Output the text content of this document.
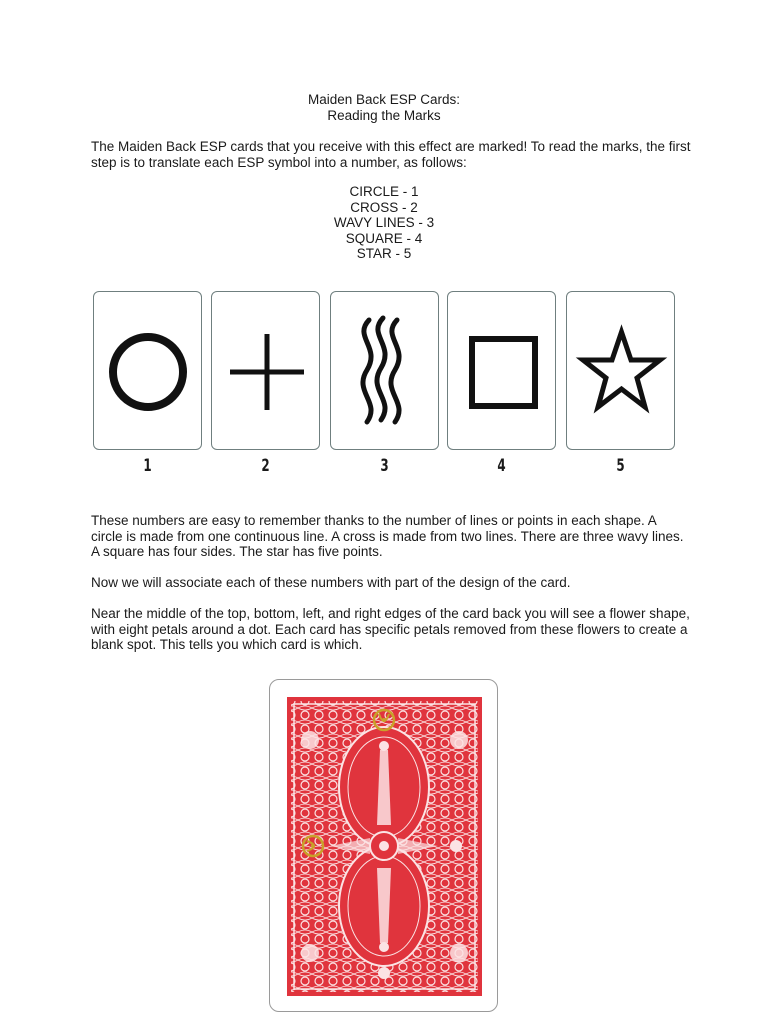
Maiden Back ESP Cards:
Reading the Marks

The Maiden Back ESP cards that you receive with this effect are marked! To read the marks, the first step is to translate each ESP symbol into a number, as follows:

CIRCLE - 1
CROSS - 2
WAVY LINES - 3
SQUARE - 4
STAR - 5
1	2	3	4	5

These numbers are easy to remember thanks to the number of lines or points in each shape. A circle is made from one continuous line. A cross is made from two lines. There are three wavy lines. A square has four sides. The star has five points.

Now we will associate each of these numbers with part of the design of the card.

Near the middle of the top, bottom, left, and right edges of the card back you will see a flower shape, with eight petals around a dot. Each card has specific petals removed from these flowers to create a blank spot. This tells you which card is which.
